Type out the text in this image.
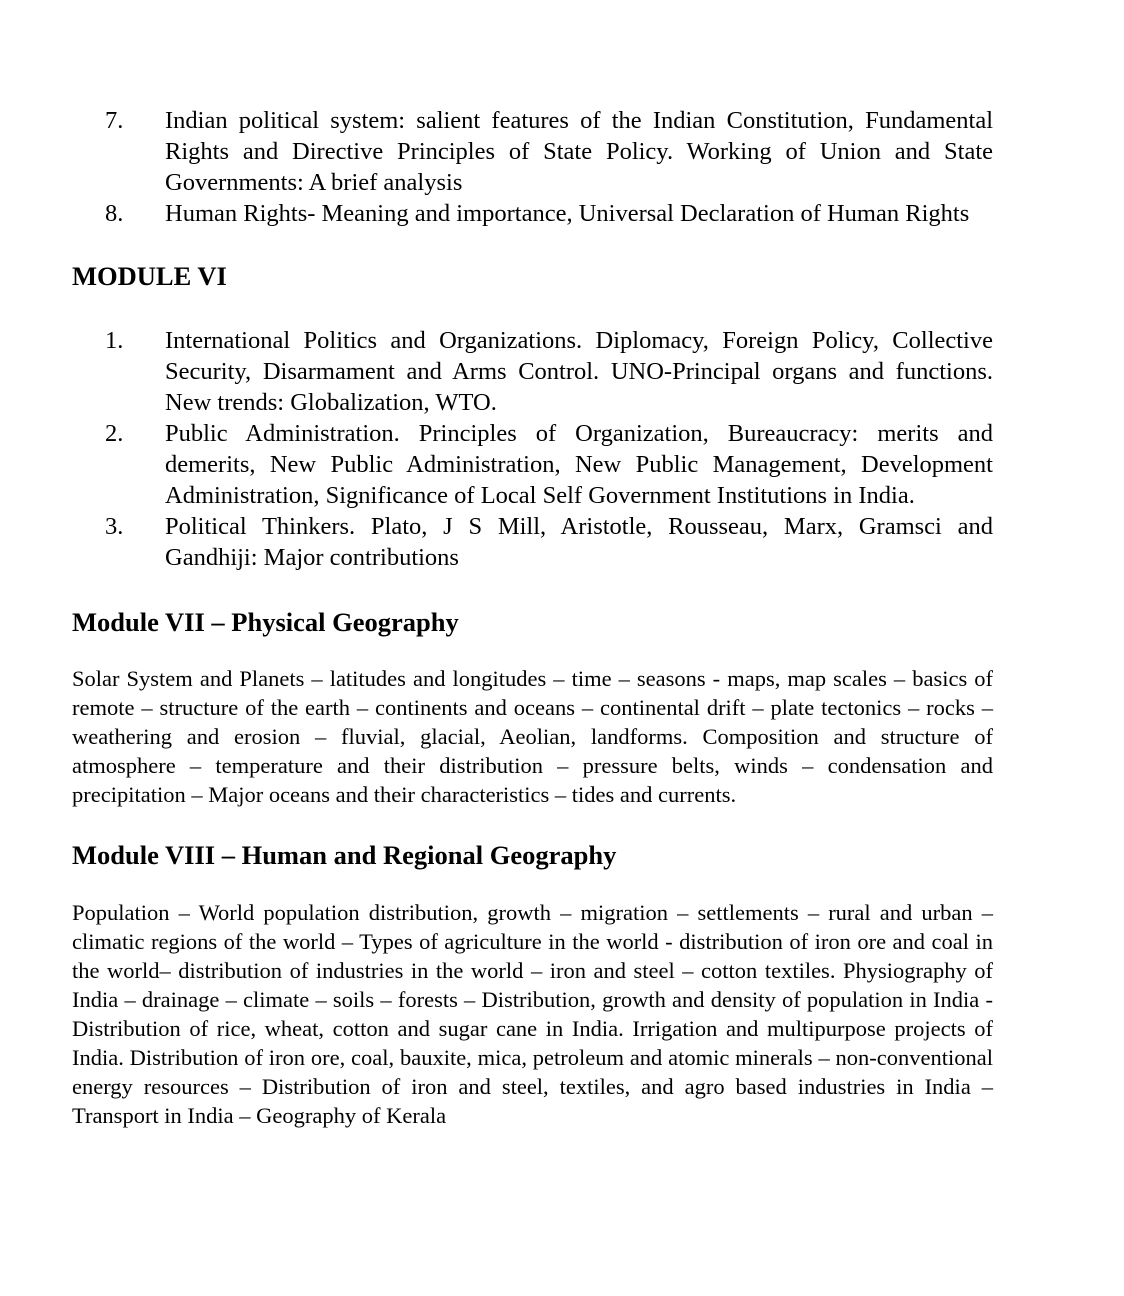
7.	Indian political system: salient features of the Indian Constitution, Fundamental Rights and Directive Principles of State Policy. Working of Union and State Governments: A brief analysis
8.	Human Rights- Meaning and importance, Universal Declaration of Human Rights
MODULE VI
1.	International Politics and Organizations. Diplomacy, Foreign Policy, Collective Security, Disarmament and Arms Control. UNO-Principal organs and functions. New trends: Globalization, WTO.
2.	Public Administration. Principles of Organization, Bureaucracy: merits and demerits, New Public Administration, New Public Management, Development Administration, Significance of Local Self Government Institutions in India.
3.	Political Thinkers. Plato, J S Mill, Aristotle, Rousseau, Marx, Gramsci and Gandhiji: Major contributions
Module VII – Physical Geography

Solar System and Planets – latitudes and longitudes – time – seasons - maps, map scales – basics of remote – structure of the earth – continents and oceans – continental drift – plate tectonics – rocks – weathering and erosion – fluvial, glacial, Aeolian, landforms. Composition and structure of atmosphere – temperature and their distribution – pressure belts, winds – condensation and precipitation – Major oceans and their characteristics – tides and currents.

Module VIII – Human and Regional Geography

Population – World population distribution, growth – migration – settlements – rural and urban – climatic regions of the world – Types of agriculture in the world - distribution of iron ore and coal in the world– distribution of industries in the world – iron and steel – cotton textiles. Physiography of India – drainage – climate – soils – forests – Distribution, growth and density of population in India - Distribution of rice, wheat, cotton and sugar cane in India. Irrigation and multipurpose projects of India. Distribution of iron ore, coal, bauxite, mica, petroleum and atomic minerals – non-conventional energy resources – Distribution of iron and steel, textiles, and agro based industries in India – Transport in India – Geography of Kerala
